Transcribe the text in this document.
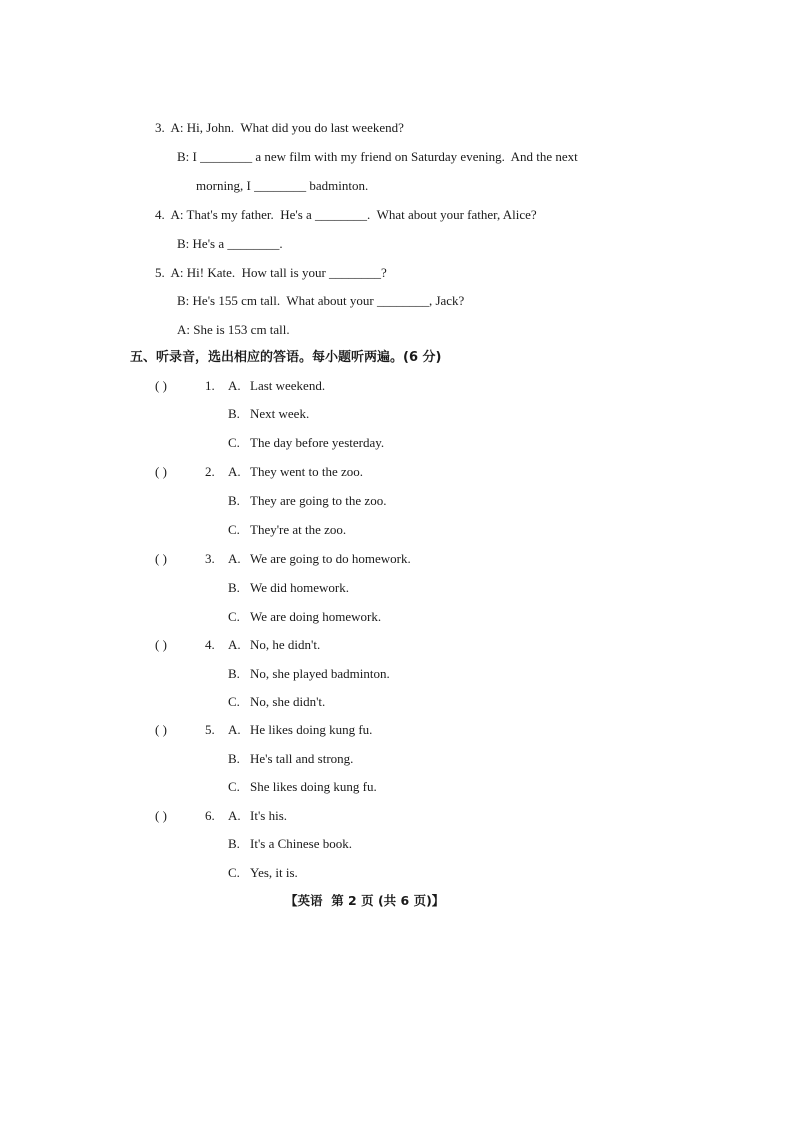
3.  A: Hi, John.  What did you do last weekend?
B: I ________ a new film with my friend on Saturday evening.  And the next
morning, I ________ badminton.
4.  A: That's my father.  He's a ________.  What about your father, Alice?
B: He's a ________.
5.  A: Hi! Kate.  How tall is your ________?
B: He's 155 cm tall.  What about your ________, Jack?
A: She is 153 cm tall.
五、听录音，选出相应的答语。每小题听两遍。(6 分)
( )	1. A. Last weekend.
B. Next week.
C. The day before yesterday.
( )	2. A. They went to the zoo.
B. They are going to the zoo.
C. They're at the zoo.
( )	3. A. We are going to do homework.
B. We did homework.
C. We are doing homework.
( )	4. A. No, he didn't.
B. No, she played badminton.
C. No, she didn't.
( )	5. A. He likes doing kung fu.
B. He's tall and strong.
C. She likes doing kung fu.
( )	6. A. It's his.
B. It's a Chinese book.
C. Yes, it is.
【英语  第 2 页 (共 6 页)】
